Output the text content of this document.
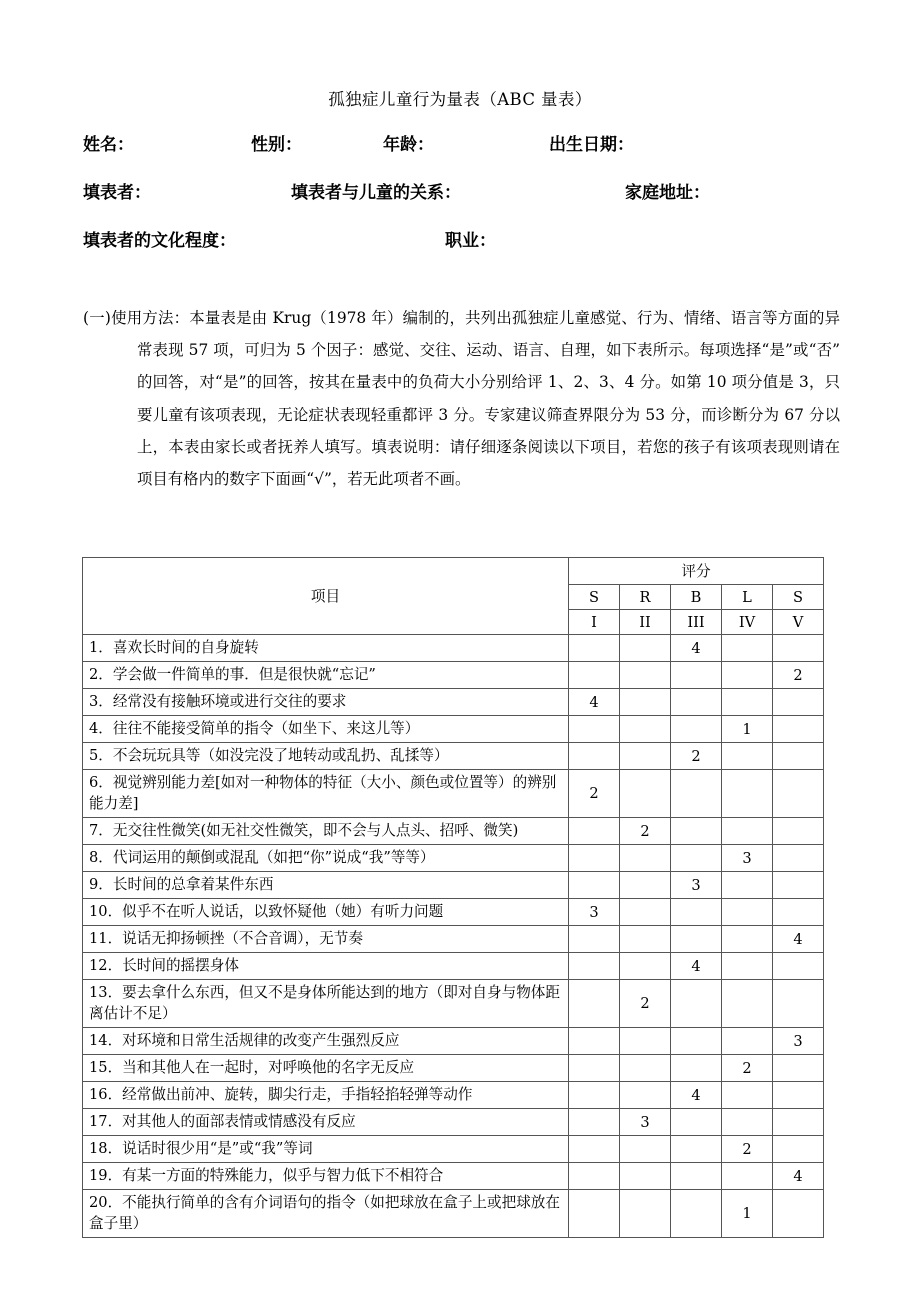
孤独症儿童行为量表（ABC 量表）
姓名：	性别：	年龄：	出生日期：
填表者：	填表者与儿童的关系：	家庭地址：
填表者的文化程度：	职业：
(一)使用方法：本量表是由 Krug（1978 年）编制的，共列出孤独症儿童感觉、行为、情绪、语言等方面的异常表现 57 项，可归为 5 个因子：感觉、交往、运动、语言、自理，如下表所示。每项选择“是”或“否”的回答，对“是”的回答，按其在量表中的负荷大小分别给评 1、2、3、4 分。如第 10 项分值是 3，只要儿童有该项表现，无论症状表现轻重都评 3 分。专家建议筛查界限分为 53 分，而诊断分为 67 分以上，本表由家长或者抚养人填写。填表说明：请仔细逐条阅读以下项目，若您的孩子有该项表现则请在项目有格内的数字下面画“√”，若无此项者不画。
项目	评分				
	S	R	B	L	S
	I	II	III	IV	V
1．喜欢长时间的自身旋转			4		
2．学会做一件简单的事．但是很快就“忘记”					2
3．经常没有接触环境或进行交往的要求	4				
4．往往不能接受简单的指令（如坐下、来这儿等）				1	
5．不会玩玩具等（如没完没了地转动或乱扔、乱揉等）			2		
6．视觉辨别能力差[如对一种物体的特征（大小、颜色或位置等）的辨别能力差]	2				
7．无交往性微笑(如无社交性微笑，即不会与人点头、招呼、微笑)		2			
8．代词运用的颠倒或混乱（如把“你”说成“我”等等）				3	
9．长时间的总拿着某件东西			3		
10．似乎不在听人说话，以致怀疑他（她）有听力问题	3				
11．说话无抑扬顿挫（不合音调），无节奏					4
12．长时间的摇摆身体			4		
13．要去拿什么东西，但又不是身体所能达到的地方（即对自身与物体距离估计不足）		2			
14．对环境和日常生活规律的改变产生强烈反应					3
15．当和其他人在一起时，对呼唤他的名字无反应				2	
16．经常做出前冲、旋转，脚尖行走，手指轻掐轻弹等动作			4		
17．对其他人的面部表情或情感没有反应		3			
18．说话时很少用“是”或“我”等词				2	
19．有某一方面的特殊能力，似乎与智力低下不相符合					4
20．不能执行简单的含有介词语句的指令（如把球放在盒子上或把球放在盒子里）				1	
